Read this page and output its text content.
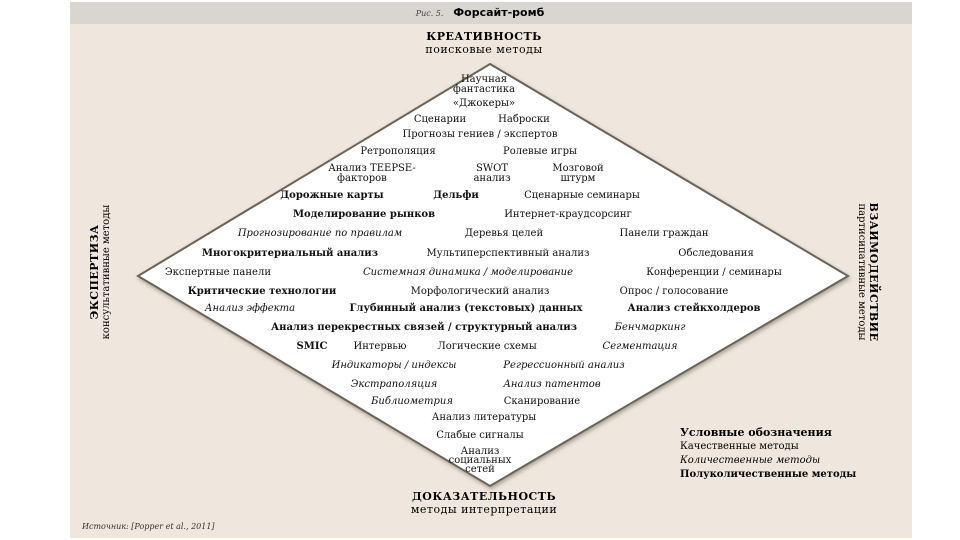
Рис. 5. Форсайт-ромб
КРЕАТИВНОСТЬ
поисковые методы
ДОКАЗАТЕЛЬНОСТЬ
методы интерпретации
ЭКСПЕРТИЗА консультативные методы	ВЗАИМОДЕЙСТВИЕ
партисипативные методы
Научная
фантастика
«Джокеры»
Сценарии	Наброски
Прогнозы гениев / экспертов
Ретрополяция	Ролевые игры
Анализ TEEPSE-
факторов
SWOT
анализ
Мозговой
штурм
Дорожные карты	Дельфи	Сценарные семинары
Моделирование рынков	Интернет-краудсорсинг
Прогнозирование по правилам	Деревья целей	Панели граждан
Многокритериальный анализ	Мультиперспективный анализ	Обследования
Экспертные панели	Системная динамика / моделирование	Конференции / семинары
Критические технологии	Морфологический анализ	Опрос / голосование
Анализ эффекта	Глубинный анализ (текстовых) данных	Анализ стейкхолдеров
Анализ перекрестных связей / структурный анализ	Бенчмаркинг
SMIC	Интервью	Логические схемы	Сегментация
Индикаторы / индексы	Регрессионный анализ
Экстраполяция	Анализ патентов
Библиометрия	Сканирование
Анализ литературы
Слабые сигналы
Анализ
социальных
сетей
Условные обозначения
Качественные методы
Количественные методы
Полуколичественные методы
Источник: [Popper et al., 2011]
